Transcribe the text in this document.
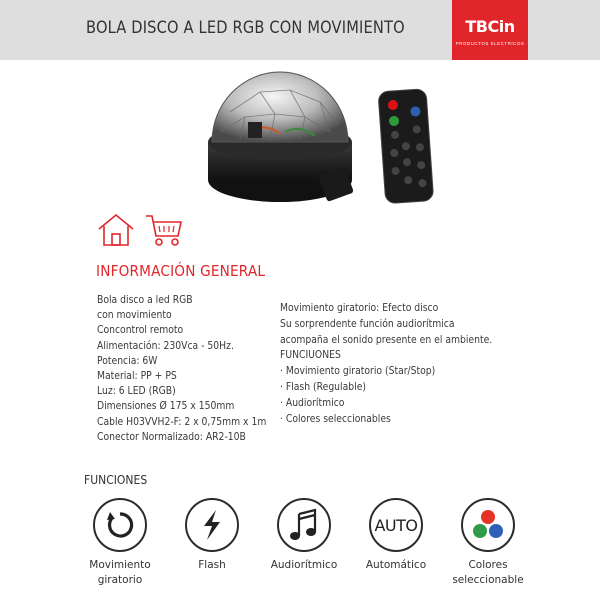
BOLA DISCO A LED RGB CON MOVIMIENTO	TBCin
PRODUCTOS ELECTRICOS
INFORMACIÓN GENERAL
Bola disco a led RGB
con movimiento
Concontrol remoto
Alimentación: 230Vca - 50Hz.
Potencia: 6W
Material: PP + PS
Luz: 6 LED (RGB)
Dimensiones Ø 175 x 150mm
Cable H03VVH2-F: 2 x 0,75mm x 1m
Conector Normalizado: AR2-10B
Movimiento giratorio: Efecto disco
Su sorprendente función audiorítmica
acompaña el sonido presente en el ambiente.
FUNCIUONES
· Movimiento giratorio (Star/Stop)
· Flash (Regulable)
· Audiorítmico
· Colores seleccionables
FUNCIONES
Movimiento
giratorio
Flash	Audiorítmico
AUTO
Automático	Colores
seleccionable
